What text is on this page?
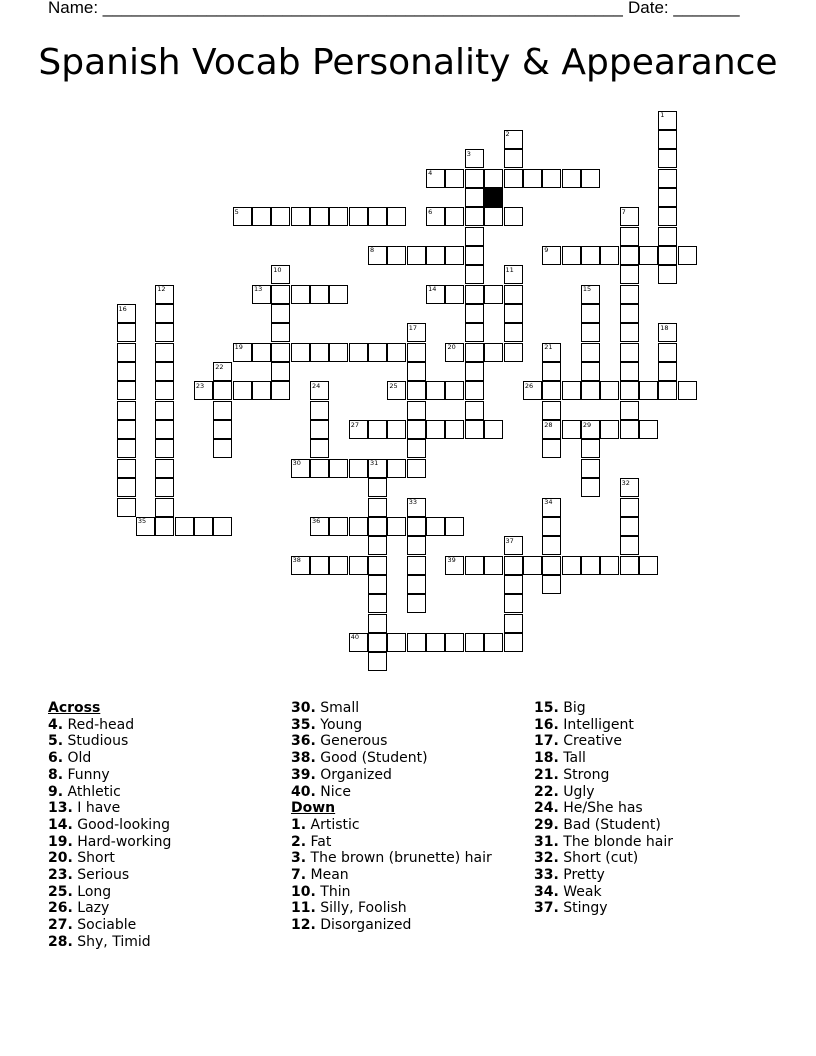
Name: _______________________________________________________ Date: _______
Spanish Vocab Personality & Appearance
1
2
3
4
5	6	7
8	9
10	11
12	13	14	15
16
17	18
19	20	21
22
23	24	25	26
27	28	29
30	31
32
33	34
35	36
37
38	39
40
Across
4. Red-head
5. Studious
6. Old
8. Funny
9. Athletic
13. I have
14. Good-looking
19. Hard-working
20. Short
23. Serious
25. Long
26. Lazy
27. Sociable
28. Shy, Timid
30. Small
35. Young
36. Generous
38. Good (Student)
39. Organized
40. Nice
Down
1. Artistic
2. Fat
3. The brown (brunette) hair
7. Mean
10. Thin
11. Silly, Foolish
12. Disorganized
15. Big
16. Intelligent
17. Creative
18. Tall
21. Strong
22. Ugly
24. He/She has
29. Bad (Student)
31. The blonde hair
32. Short (cut)
33. Pretty
34. Weak
37. Stingy
